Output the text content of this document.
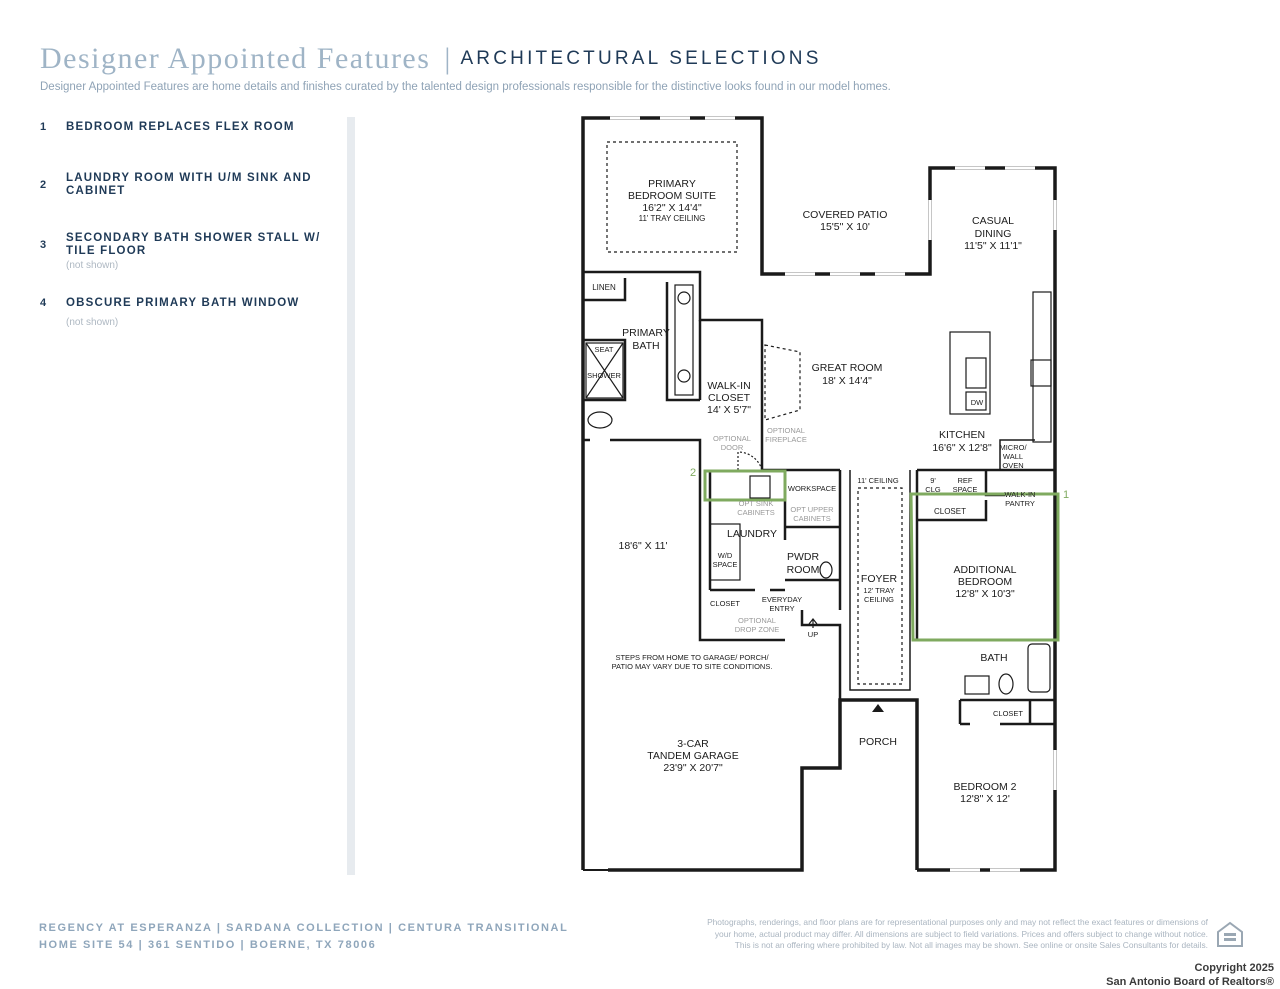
Designer Appointed Features | ARCHITECTURAL SELECTIONS
Designer Appointed Features are home details and finishes curated by the talented design professionals responsible for the distinctive looks found in our model homes.
1	BEDROOM REPLACES FLEX ROOM
2
LAUNDRY ROOM WITH U/M SINK AND CABINET
3
SECONDARY BATH SHOWER STALL W/ TILE FLOOR
(not shown)
4	OBSCURE PRIMARY BATH WINDOW
(not shown)
2
1
PRIMARY
BEDROOM SUITE
16'2" X 14'4"
11' TRAY CEILING	COVERED PATIO
15'5" X 10'	CASUAL
DINING
11'5" X 11'1"
LINEN
PRIMARY
BATH
SEAT
SHOWER
WALK-IN
CLOSET
14' X 5'7"
GREAT ROOM
18' X 14'4"
OPTIONAL
DOOR
OPTIONAL
FIREPLACE
DW
KITCHEN
16'6" X 12'8" MICRO/
WALL
OVEN
WORKSPACE
11' CEILING	9'
CLG
REF
SPACE
WALK-IN
PANTRY
OPT SINK
CABINETS OPT UPPER
CABINETS
CLOSET
LAUNDRY
W/D
SPACE
PWDR
ROOM
FOYER
12' TRAY
CEILING
ADDITIONAL
BEDROOM
12'8" X 10'3"
18'6" X 11'
CLOSET	EVERYDAY
ENTRY
OPTIONAL
DROP ZONE
UP
STEPS FROM HOME TO GARAGE/ PORCH/
PATIO MAY VARY DUE TO SITE CONDITIONS.
BATH
CLOSET
3-CAR
TANDEM GARAGE
23'9" X 20'7"
PORCH
BEDROOM 2
12'8" X 12'
REGENCY AT ESPERANZA | SARDANA COLLECTION | CENTURA TRANSITIONAL
HOME SITE 54 | 361 SENTIDO | BOERNE, TX 78006
Photographs, renderings, and floor plans are for representational purposes only and may not reflect the exact features or dimensions of
your home, actual product may differ. All dimensions are subject to field variations. Prices and offers subject to change without notice.
This is not an offering where prohibited by law. Not all images may be shown. See online or onsite Sales Consultants for details.
Copyright 2025
San Antonio Board of Realtors®
